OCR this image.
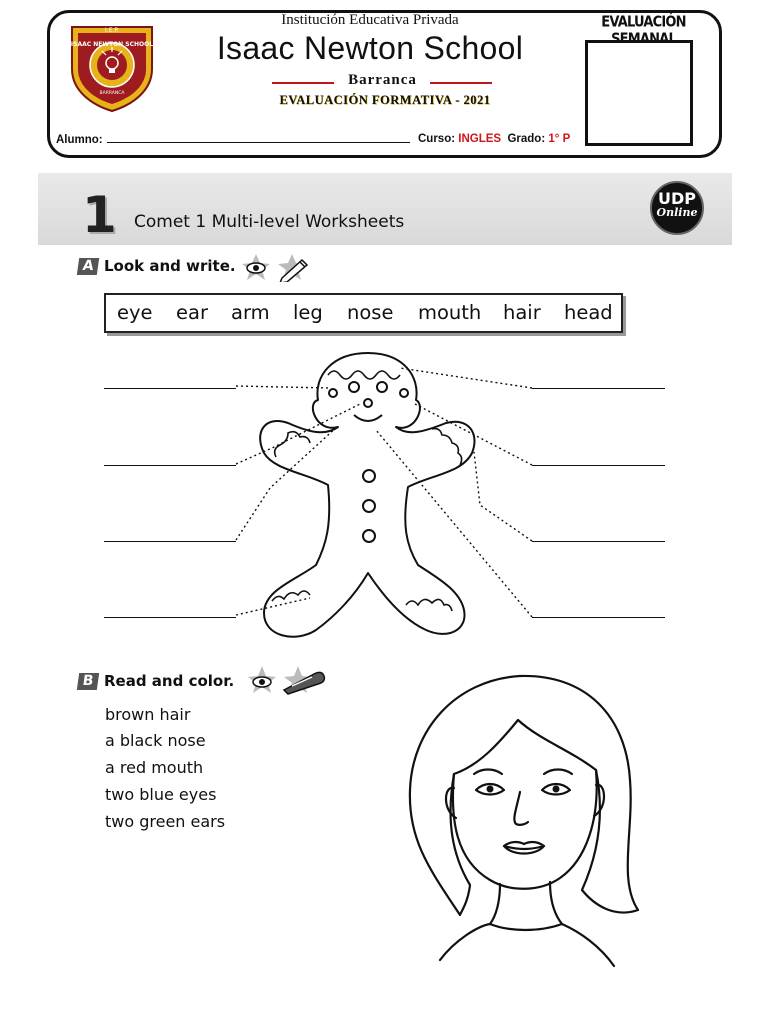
I.E.P.
ISAAC NEWTON SCHOOL
BARRANCA
Institución Educativa Privada
Isaac Newton School
Barranca
EVALUACIÓN FORMATIVA - 2021
Alumno:	Curso: INGLES Grado: 1° P
EVALUACIÓN
1 Comet 1 Multi-level Worksheets
UDP
Online
A Look and write.
eye ear arm leg nose mouth hair head
B Read and color.
brown hair
a black nose
a red mouth
two blue eyes
two green ears
